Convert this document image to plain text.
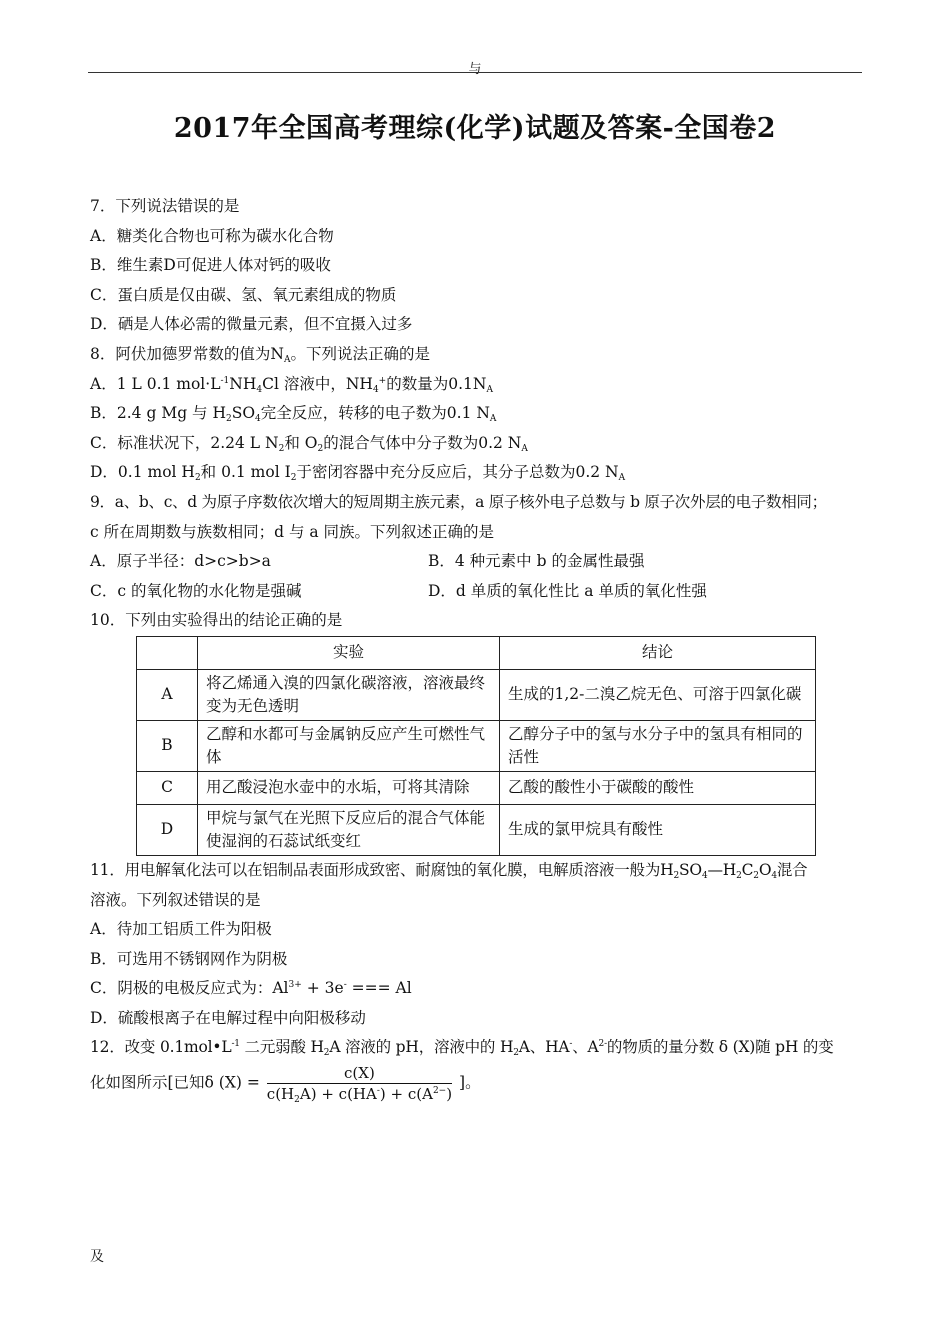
与
2017年全国高考理综(化学)试题及答案-全国卷2
7．下列说法错误的是
A．糖类化合物也可称为碳水化合物
B．维生素D可促进人体对钙的吸收
C．蛋白质是仅由碳、氢、氧元素组成的物质
D．硒是人体必需的微量元素，但不宜摄入过多
8．阿伏加德罗常数的值为$N_A$。下列说法正确的是
A．1 L 0.1 $mol\cdot L^{-1}NH_4Cl$ 溶液中，$NH_4^+$的数量为$0.1N_A$
B．2.4 g Mg 与 $H_2SO_4$完全反应，转移的电子数为0.1 $N_A$
C．标准状况下，2.24 L $N_2$和 $O_2$的混合气体中分子数为0.2 $N_A$
D．0.1 mol $H_2$和 0.1 mol $I_2$于密闭容器中充分反应后，其分子总数为0.2 $N_A$
9．a、b、c、d 为原子序数依次增大的短周期主族元素，a 原子核外电子总数与 b 原子次外层的电子数相同；
c 所在周期数与族数相同；d 与 a 同族。下列叙述正确的是
A．原子半径：d>c>b>a	B．4 种元素中 b 的金属性最强
C．c 的氧化物的水化物是强碱	D．d 单质的氧化性比 a 单质的氧化性强
10．下列由实验得出的结论正确的是
	实验	结论
A	将乙烯通入溴的四氯化碳溶液，溶液最终变为无色透明	生成的1,2-二溴乙烷无色、可溶于四氯化碳
B	乙醇和水都可与金属钠反应产生可燃性气体	乙醇分子中的氢与水分子中的氢具有相同的活性
C	用乙酸浸泡水壶中的水垢，可将其清除	乙酸的酸性小于碳酸的酸性
D	甲烷与氯气在光照下反应后的混合气体能使湿润的石蕊试纸变红	生成的氯甲烷具有酸性
11．用电解氧化法可以在铝制品表面形成致密、耐腐蚀的氧化膜，电解质溶液一般为$H_2SO_4—H_2C_2O_4$混合
溶液。下列叙述错误的是
A．待加工铝质工件为阳极
B．可选用不锈钢网作为阴极
C．阴极的电极反应式为：$Al^{3+} + 3e^-$ === Al
D．硫酸根离子在电解过程中向阳极移动
12．改变 $0.1mol•L^{-1}$ 二元弱酸 $H_2A$ 溶液的 pH，溶液中的 $H_2A$、HA-、$A^{2-}$的物质的量分数 δ (X)随 pH 的变
化如图所示[已知δ $(X) = \frac{c(X)}{c(H_2A) + c(HA^-) + c(A^{2-})}$ ]。
及
